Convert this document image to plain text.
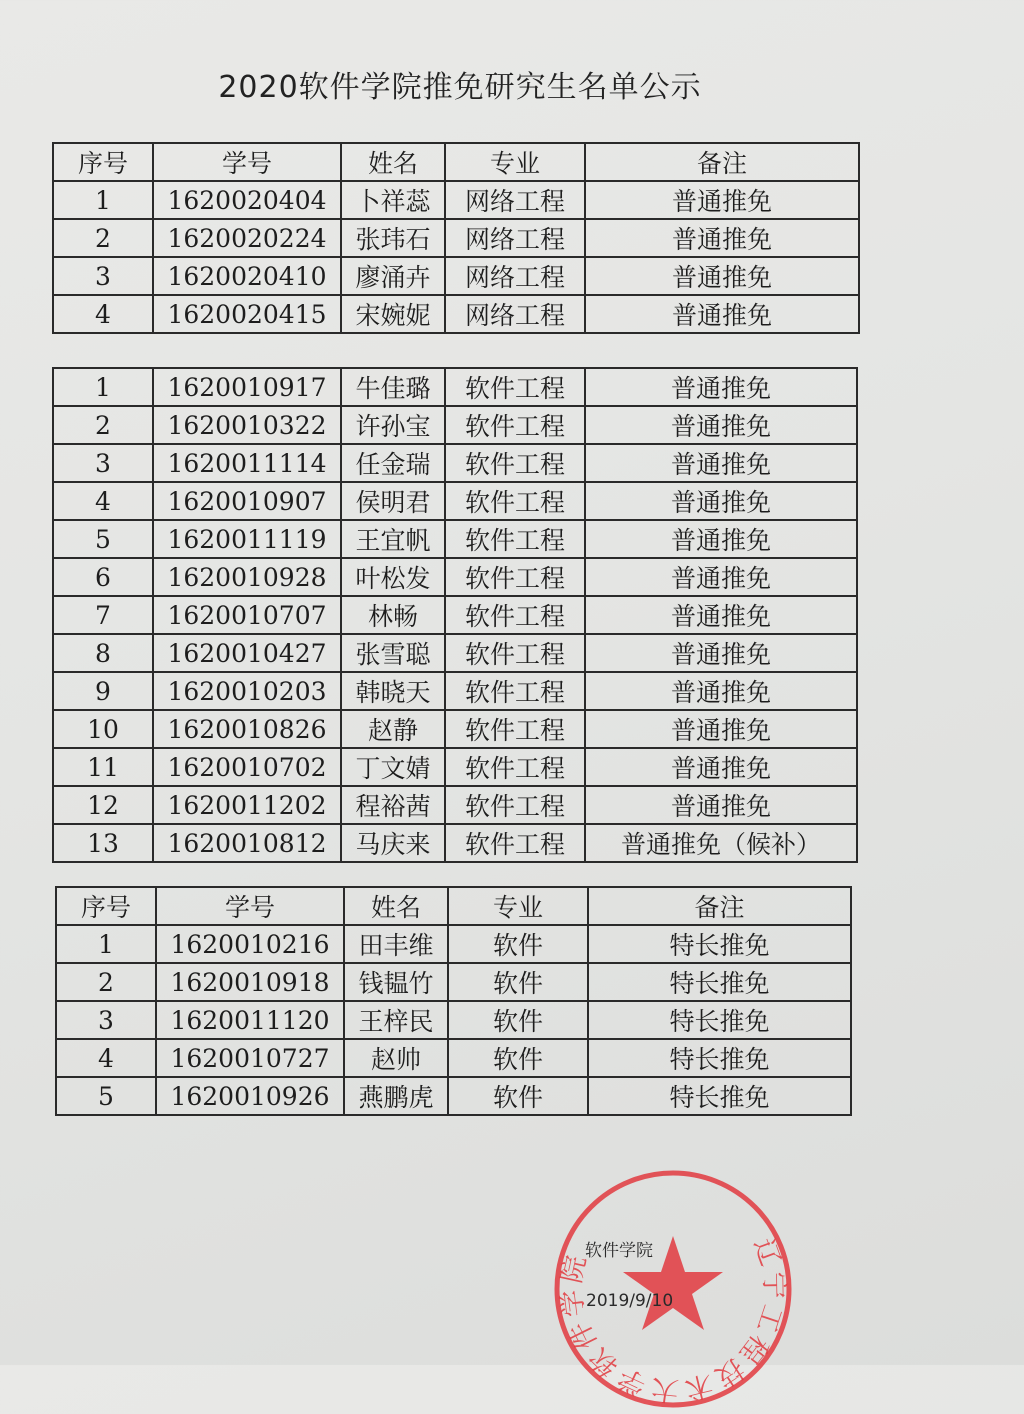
2020软件学院推免研究生名单公示
序号	学号	姓名	专业	备注
1	1620020404	卜祥蕊	网络工程	普通推免
2	1620020224	张玮石	网络工程	普通推免
3	1620020410	廖涌卉	网络工程	普通推免
4	1620020415	宋婉妮	网络工程	普通推免
1	1620010917	牛佳璐	软件工程	普通推免
2	1620010322	许孙宝	软件工程	普通推免
3	1620011114	任金瑞	软件工程	普通推免
4	1620010907	侯明君	软件工程	普通推免
5	1620011119	王宜帆	软件工程	普通推免
6	1620010928	叶松发	软件工程	普通推免
7	1620010707	林畅	软件工程	普通推免
8	1620010427	张雪聪	软件工程	普通推免
9	1620010203	韩晓天	软件工程	普通推免
10	1620010826	赵静	软件工程	普通推免
11	1620010702	丁文婧	软件工程	普通推免
12	1620011202	程裕茜	软件工程	普通推免
13	1620010812	马庆来	软件工程	普通推免（候补）
序号	学号	姓名	专业	备注
1	1620010216	田丰维	软件	特长推免
2	1620010918	钱韫竹	软件	特长推免
3	1620011120	王梓民	软件	特长推免
4	1620010727	赵帅	软件	特长推免
5	1620010926	燕鹏虎	软件	特长推免
辽宁工程技术大学软件学院
软件学院
2019/9/10
